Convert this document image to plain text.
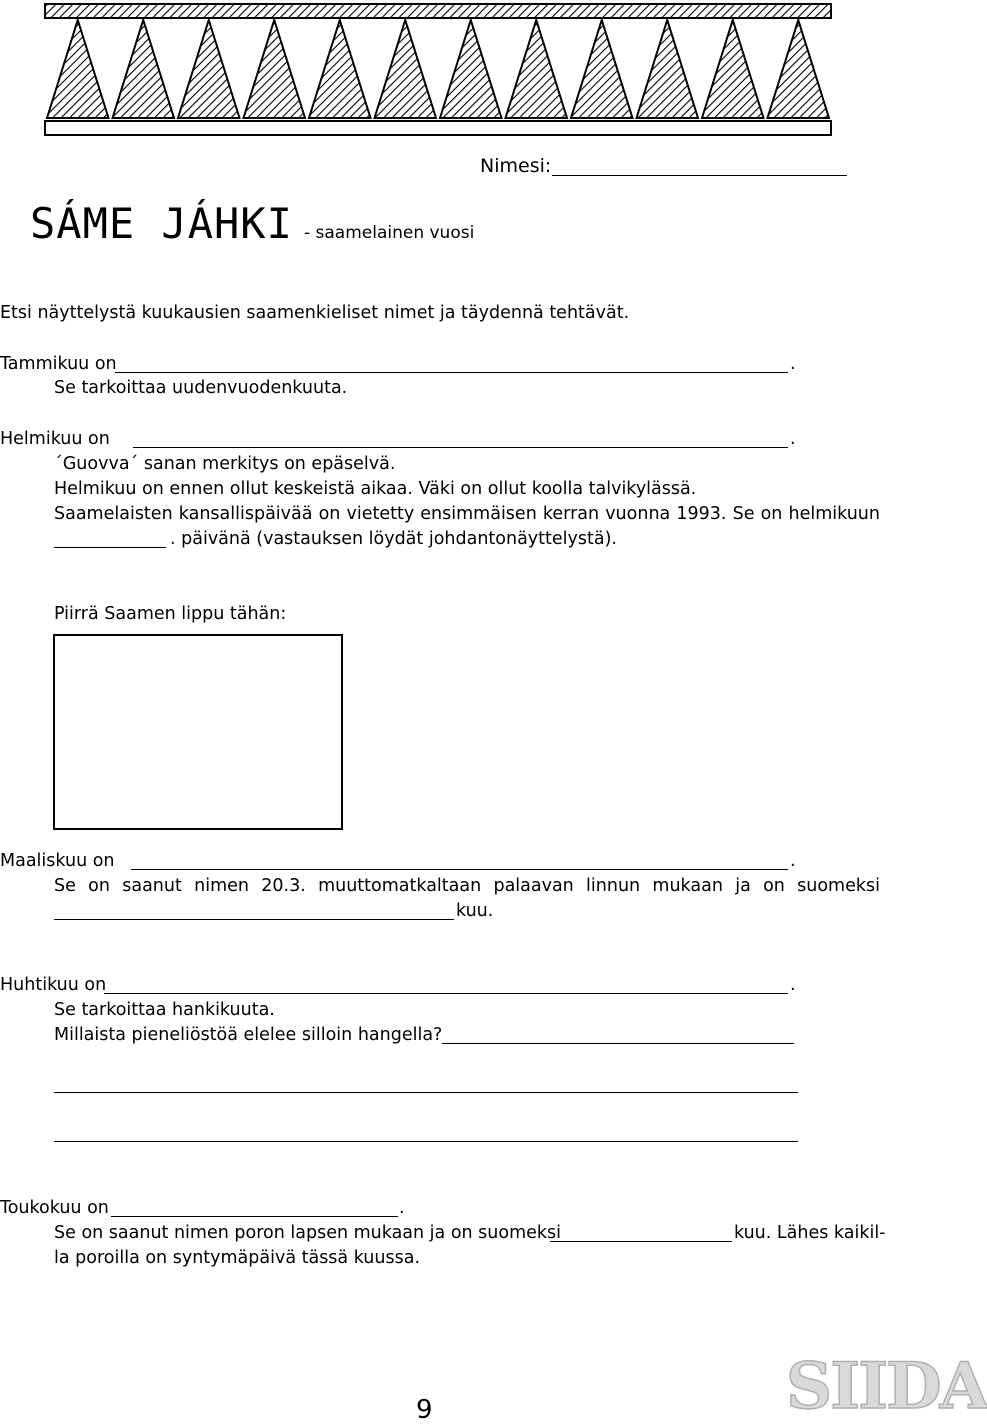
Nimesi:
SÁME JÁHKI - saamelainen vuosi
Etsi näyttelystä kuukausien saamenkieliset nimet ja täydennä tehtävät.
Tammikuu on	.
Se tarkoittaa uudenvuodenkuuta.
Helmikuu on	.
´Guovva´ sanan merkitys on epäselvä.
Helmikuu on ennen ollut keskeistä aikaa. Väki on ollut koolla talvikylässä.
Saamelaisten kansallispäivää on vietetty ensimmäisen kerran vuonna 1993. Se on helmikuun
. päivänä (vastauksen löydät johdantonäyttelystä).
Piirrä Saamen lippu tähän:
Maaliskuu on	.
Se on saanut nimen 20.3. muuttomatkaltaan palaavan linnun mukaan ja on suomeksi
kuu.
Huhtikuu on	.
Se tarkoittaa hankikuuta.
Millaista pieneliöstöä elelee silloin hangella?
Toukokuu on	.
Se on saanut nimen poron lapsen mukaan ja on suomeksi	kuu. Lähes kaikil-
la poroilla on syntymäpäivä tässä kuussa.
9	SIIDA
